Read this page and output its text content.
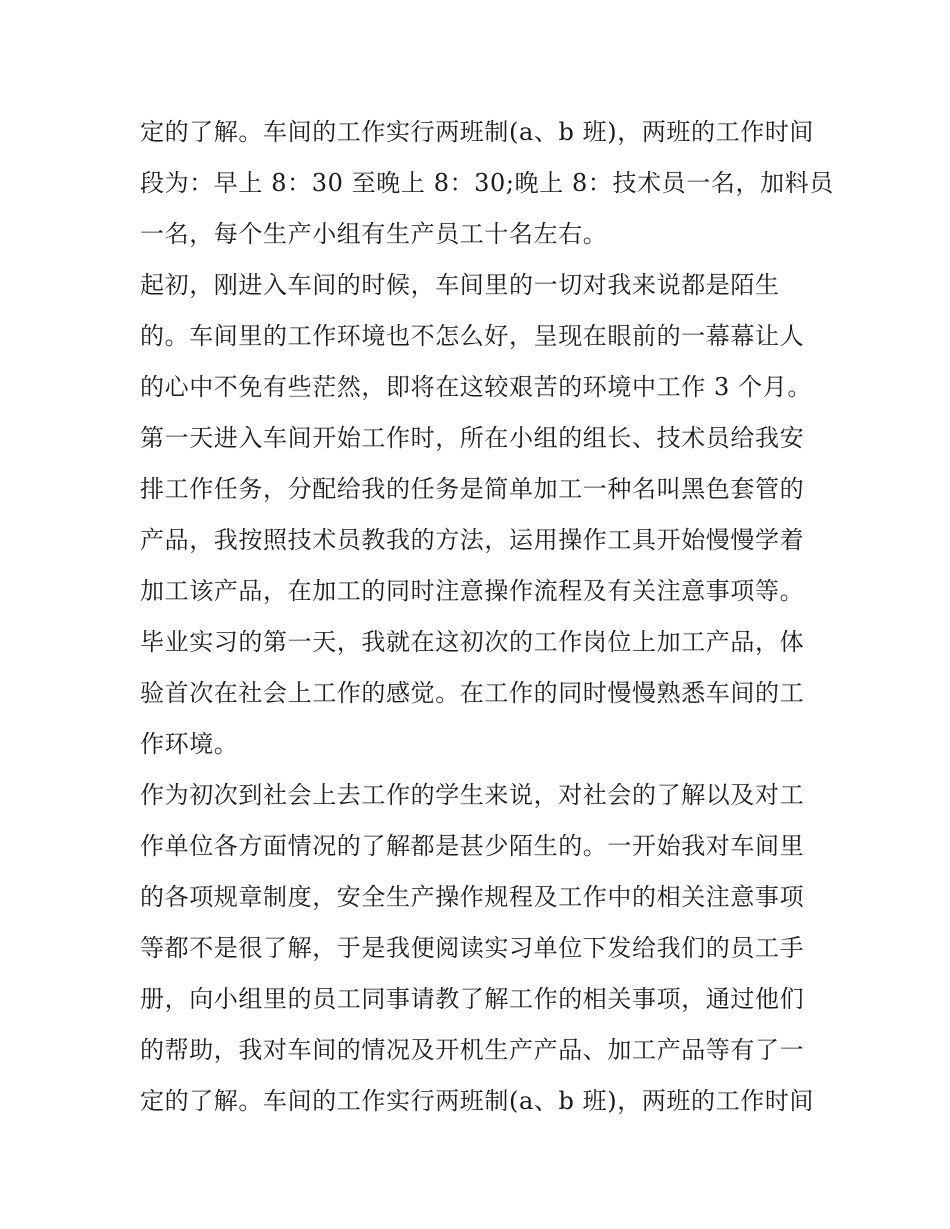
定的了解。车间的工作实行两班制(a、b 班)，两班的工作时间
段为：早上 8：30 至晚上 8：30;晚上 8：技术员一名，加料员
一名，每个生产小组有生产员工十名左右。
起初，刚进入车间的时候，车间里的一切对我来说都是陌生
的。车间里的工作环境也不怎么好，呈现在眼前的一幕幕让人
的心中不免有些茫然，即将在这较艰苦的环境中工作 3 个月。
第一天进入车间开始工作时，所在小组的组长、技术员给我安
排工作任务，分配给我的任务是简单加工一种名叫黑色套管的
产品，我按照技术员教我的方法，运用操作工具开始慢慢学着
加工该产品，在加工的同时注意操作流程及有关注意事项等。
毕业实习的第一天，我就在这初次的工作岗位上加工产品，体
验首次在社会上工作的感觉。在工作的同时慢慢熟悉车间的工
作环境。
作为初次到社会上去工作的学生来说，对社会的了解以及对工
作单位各方面情况的了解都是甚少陌生的。一开始我对车间里
的各项规章制度，安全生产操作规程及工作中的相关注意事项
等都不是很了解，于是我便阅读实习单位下发给我们的员工手
册，向小组里的员工同事请教了解工作的相关事项，通过他们
的帮助，我对车间的情况及开机生产产品、加工产品等有了一
定的了解。车间的工作实行两班制(a、b 班)，两班的工作时间
